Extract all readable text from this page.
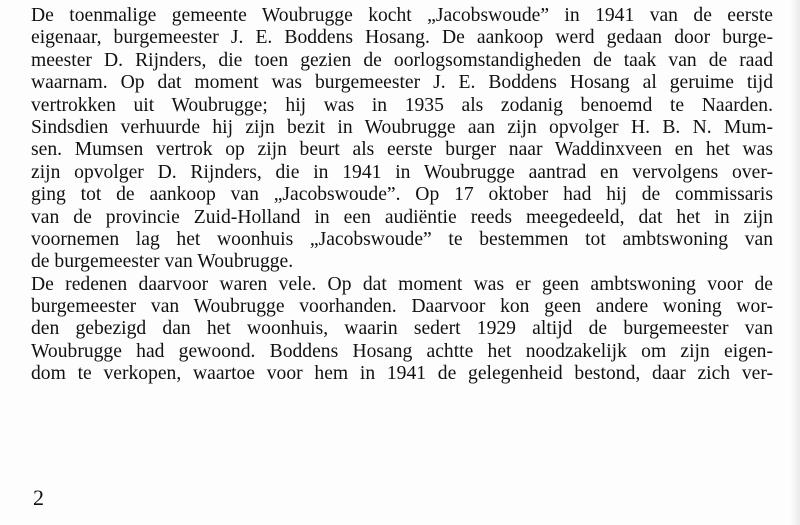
De toenmalige gemeente Woubrugge kocht „Jacobswoude” in 1941 van de eerste
eigenaar, burgemeester J. E. Boddens Hosang. De aankoop werd gedaan door burge-
meester D. Rijnders, die toen gezien de oorlogsomstandigheden de taak van de raad
waarnam. Op dat moment was burgemeester J. E. Boddens Hosang al geruime tijd
vertrokken uit Woubrugge; hij was in 1935 als zodanig benoemd te Naarden.
Sindsdien verhuurde hij zijn bezit in Woubrugge aan zijn opvolger H. B. N. Mum-
sen. Mumsen vertrok op zijn beurt als eerste burger naar Waddinxveen en het was
zijn opvolger D. Rijnders, die in 1941 in Woubrugge aantrad en vervolgens over-
ging tot de aankoop van „Jacobswoude”. Op 17 oktober had hij de commissaris
van de provincie Zuid-Holland in een audiëntie reeds meegedeeld, dat het in zijn
voornemen lag het woonhuis „Jacobswoude” te bestemmen tot ambtswoning van
de burgemeester van Woubrugge.
De redenen daarvoor waren vele. Op dat moment was er geen ambtswoning voor de
burgemeester van Woubrugge voorhanden. Daarvoor kon geen andere woning wor-
den gebezigd dan het woonhuis, waarin sedert 1929 altijd de burgemeester van
Woubrugge had gewoond. Boddens Hosang achtte het noodzakelijk om zijn eigen-
dom te verkopen, waartoe voor hem in 1941 de gelegenheid bestond, daar zich ver-
2
